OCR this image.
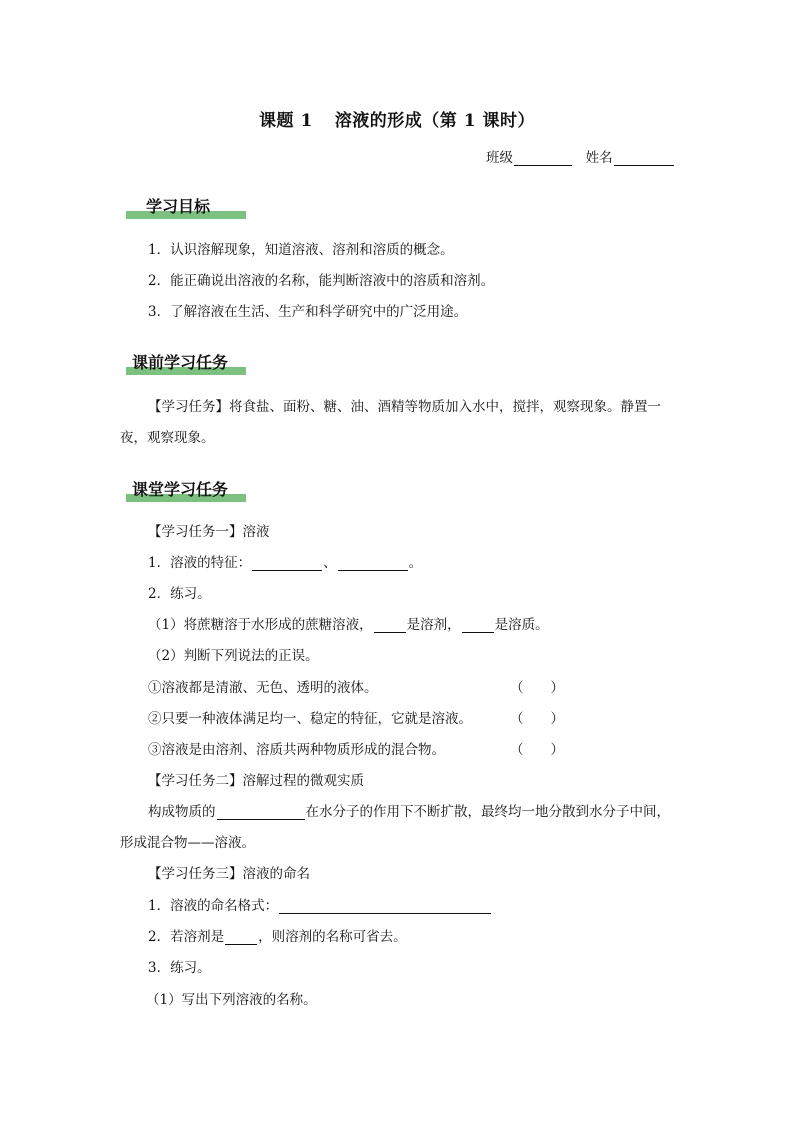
课题 1 溶液的形成（第 1 课时）
班级	姓名
学习目标
1．认识溶解现象，知道溶液、溶剂和溶质的概念。
2．能正确说出溶液的名称，能判断溶液中的溶质和溶剂。
3．了解溶液在生活、生产和科学研究中的广泛用途。
课前学习任务
【学习任务】将食盐、面粉、糖、油、酒精等物质加入水中，搅拌，观察现象。静置一
夜，观察现象。
课堂学习任务
【学习任务一】溶液
1．溶液的特征：	、	。
2．练习。
（1）将蔗糖溶于水形成的蔗糖溶液，	是溶剂，	是溶质。
（2）判断下列说法的正误。
①溶液都是清澈、无色、透明的液体。	（　　）
②只要一种液体满足均一、稳定的特征，它就是溶液。	（　　）
③溶液是由溶剂、溶质共两种物质形成的混合物。	（　　）
【学习任务二】溶解过程的微观实质
构成物质的	在水分子的作用下不断扩散，最终均一地分散到水分子中间，
形成混合物——溶液。
【学习任务三】溶液的命名
1．溶液的命名格式：
2．若溶剂是	，则溶剂的名称可省去。
3．练习。
（1）写出下列溶液的名称。
